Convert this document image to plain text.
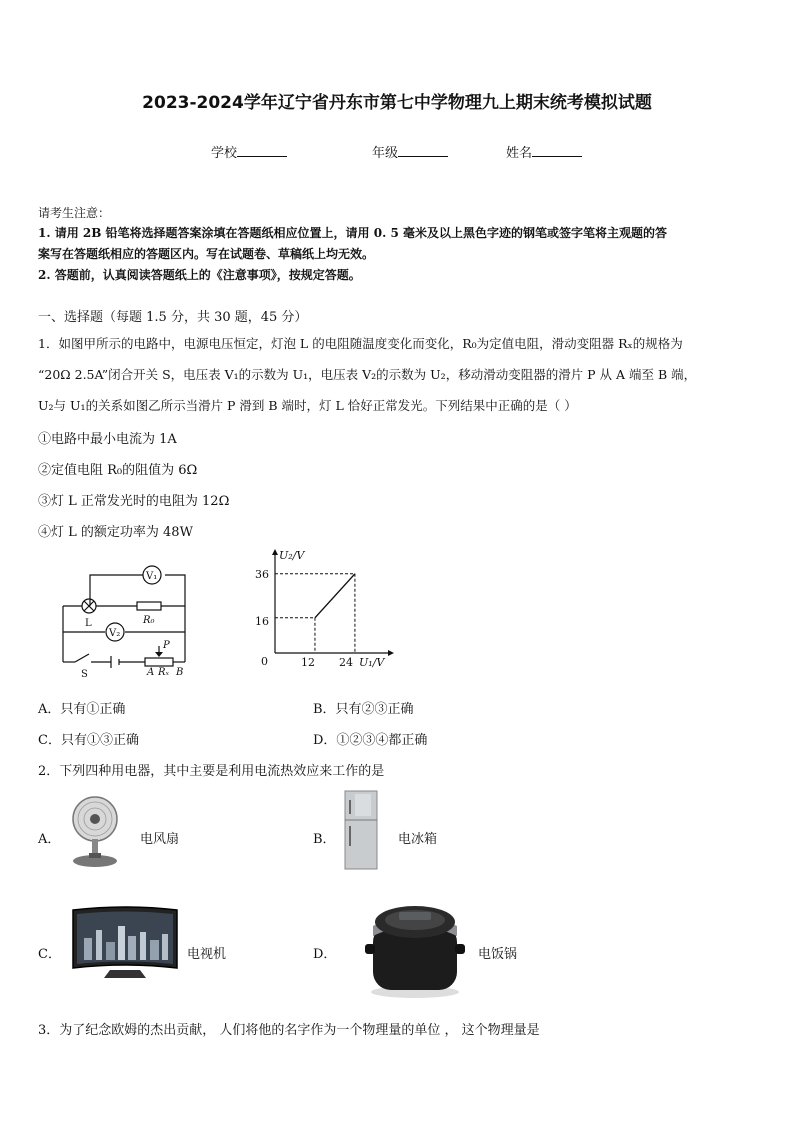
2023-2024学年辽宁省丹东市第七中学物理九上期末统考模拟试题
学校	年级	姓名
请考生注意：
1. 请用 2B 铅笔将选择题答案涂填在答题纸相应位置上，请用 0. 5 毫米及以上黑色字迹的钢笔或签字笔将主观题的答
案写在答题纸相应的答题区内。写在试题卷、草稿纸上均无效。
2. 答题前，认真阅读答题纸上的《注意事项》，按规定答题。
一、选择题（每题 1.5 分，共 30 题，45 分）
1．如图甲所示的电路中，电源电压恒定，灯泡 L 的电阻随温度变化而变化，R₀为定值电阻，滑动变阻器 Rₓ的规格为
“20Ω 2.5A”闭合开关 S，电压表 V₁的示数为 U₁，电压表 V₂的示数为 U₂，移动滑动变阻器的滑片 P 从 A 端至 B 端，
U₂与 U₁的关系如图乙所示当滑片 P 滑到 B 端时，灯 L 恰好正常发光。下列结果中正确的是（ ）
①电路中最小电流为 1A
②定值电阻 R₀的阻值为 6Ω
③灯 L 正常发光时的电阻为 12Ω
④灯 L 的额定功率为 48W
V₁
L	R₀
V₂
S
P
A Rₓ B
U₂/V
U₁/V
0
36
16
12 24
A．只有①正确	B．只有②③正确
C．只有①③正确	D．①②③④都正确
2．下列四种用电器，其中主要是利用电流热效应来工作的是
A．	电风扇	B．	电冰箱
C．	电视机	D．	电饭锅
3．为了纪念欧姆的杰出贡献， 人们将他的名字作为一个物理量的单位 ， 这个物理量是
